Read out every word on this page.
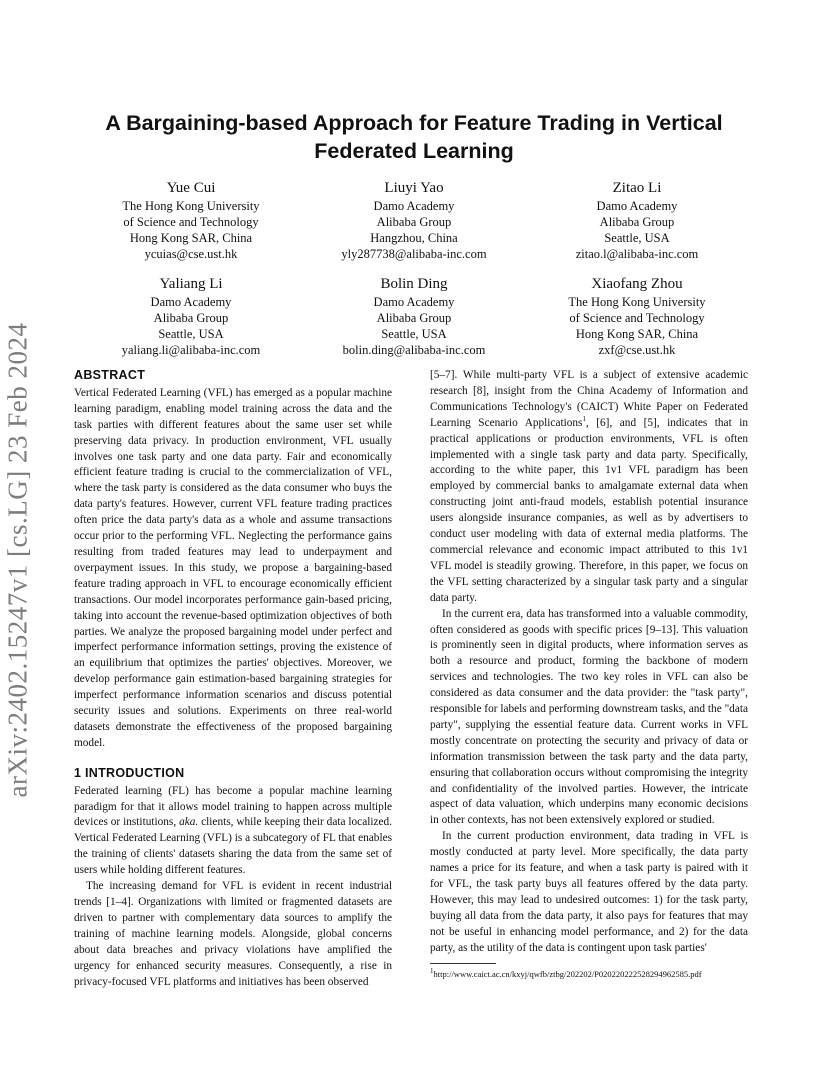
arXiv:2402.15247v1 [cs.LG] 23 Feb 2024
A Bargaining-based Approach for Feature Trading in Vertical Federated Learning
Yue Cui
The Hong Kong University
of Science and Technology
Hong Kong SAR, China
ycuias@cse.ust.hk
Liuyi Yao
Damo Academy
Alibaba Group
Hangzhou, China
yly287738@alibaba-inc.com
Zitao Li
Damo Academy
Alibaba Group
Seattle, USA
zitao.l@alibaba-inc.com
Yaliang Li
Damo Academy
Alibaba Group
Seattle, USA
yaliang.li@alibaba-inc.com
Bolin Ding
Damo Academy
Alibaba Group
Seattle, USA
bolin.ding@alibaba-inc.com
Xiaofang Zhou
The Hong Kong University
of Science and Technology
Hong Kong SAR, China
zxf@cse.ust.hk
ABSTRACT

Vertical Federated Learning (VFL) has emerged as a popular machine learning paradigm, enabling model training across the data and the task parties with different features about the same user set while preserving data privacy. In production environment, VFL usually involves one task party and one data party. Fair and economically efficient feature trading is crucial to the commercialization of VFL, where the task party is considered as the data consumer who buys the data party's features. However, current VFL feature trading practices often price the data party's data as a whole and assume transactions occur prior to the performing VFL. Neglecting the performance gains resulting from traded features may lead to underpayment and overpayment issues. In this study, we propose a bargaining-based feature trading approach in VFL to encourage economically efficient transactions. Our model incorporates performance gain-based pricing, taking into account the revenue-based optimization objectives of both parties. We analyze the proposed bargaining model under perfect and imperfect performance information settings, proving the existence of an equilibrium that optimizes the parties' objectives. Moreover, we develop performance gain estimation-based bargaining strategies for imperfect performance information scenarios and discuss potential security issues and solutions. Experiments on three real-world datasets demonstrate the effectiveness of the proposed bargaining model.

1 INTRODUCTION

Federated learning (FL) has become a popular machine learning paradigm for that it allows model training to happen across multiple devices or institutions, aka. clients, while keeping their data localized. Vertical Federated Learning (VFL) is a subcategory of FL that enables the training of clients' datasets sharing the data from the same set of users while holding different features.

The increasing demand for VFL is evident in recent industrial trends [1–4]. Organizations with limited or fragmented datasets are driven to partner with complementary data sources to amplify the training of machine learning models. Alongside, global concerns about data breaches and privacy violations have amplified the urgency for enhanced security measures. Consequently, a rise in privacy-focused VFL platforms and initiatives has been observed

[5–7]. While multi-party VFL is a subject of extensive academic research [8], insight from the China Academy of Information and Communications Technology's (CAICT) White Paper on Federated Learning Scenario Applications$^1$, [6], and [5], indicates that in practical applications or production environments, VFL is often implemented with a single task party and data party. Specifically, according to the white paper, this 1v1 VFL paradigm has been employed by commercial banks to amalgamate external data when constructing joint anti-fraud models, establish potential insurance users alongside insurance companies, as well as by advertisers to conduct user modeling with data of external media platforms. The commercial relevance and economic impact attributed to this 1v1 VFL model is steadily growing. Therefore, in this paper, we focus on the VFL setting characterized by a singular task party and a singular data party.

In the current era, data has transformed into a valuable commodity, often considered as goods with specific prices [9–13]. This valuation is prominently seen in digital products, where information serves as both a resource and product, forming the backbone of modern services and technologies. The two key roles in VFL can also be considered as data consumer and the data provider: the "task party", responsible for labels and performing downstream tasks, and the "data party", supplying the essential feature data. Current works in VFL mostly concentrate on protecting the security and privacy of data or information transmission between the task party and the data party, ensuring that collaboration occurs without compromising the integrity and confidentiality of the involved parties. However, the intricate aspect of data valuation, which underpins many economic decisions in other contexts, has not been extensively explored or studied.

In the current production environment, data trading in VFL is mostly conducted at party level. More specifically, the data party names a price for its feature, and when a task party is paired with it for VFL, the task party buys all features offered by the data party. However, this may lead to undesired outcomes: 1) for the task party, buying all data from the data party, it also pays for features that may not be useful in enhancing model performance, and 2) for the data party, as the utility of the data is contingent upon task parties'

$^1$http://www.caict.ac.cn/kxyj/qwfb/ztbg/202202/P020220222528294962585.pdf
